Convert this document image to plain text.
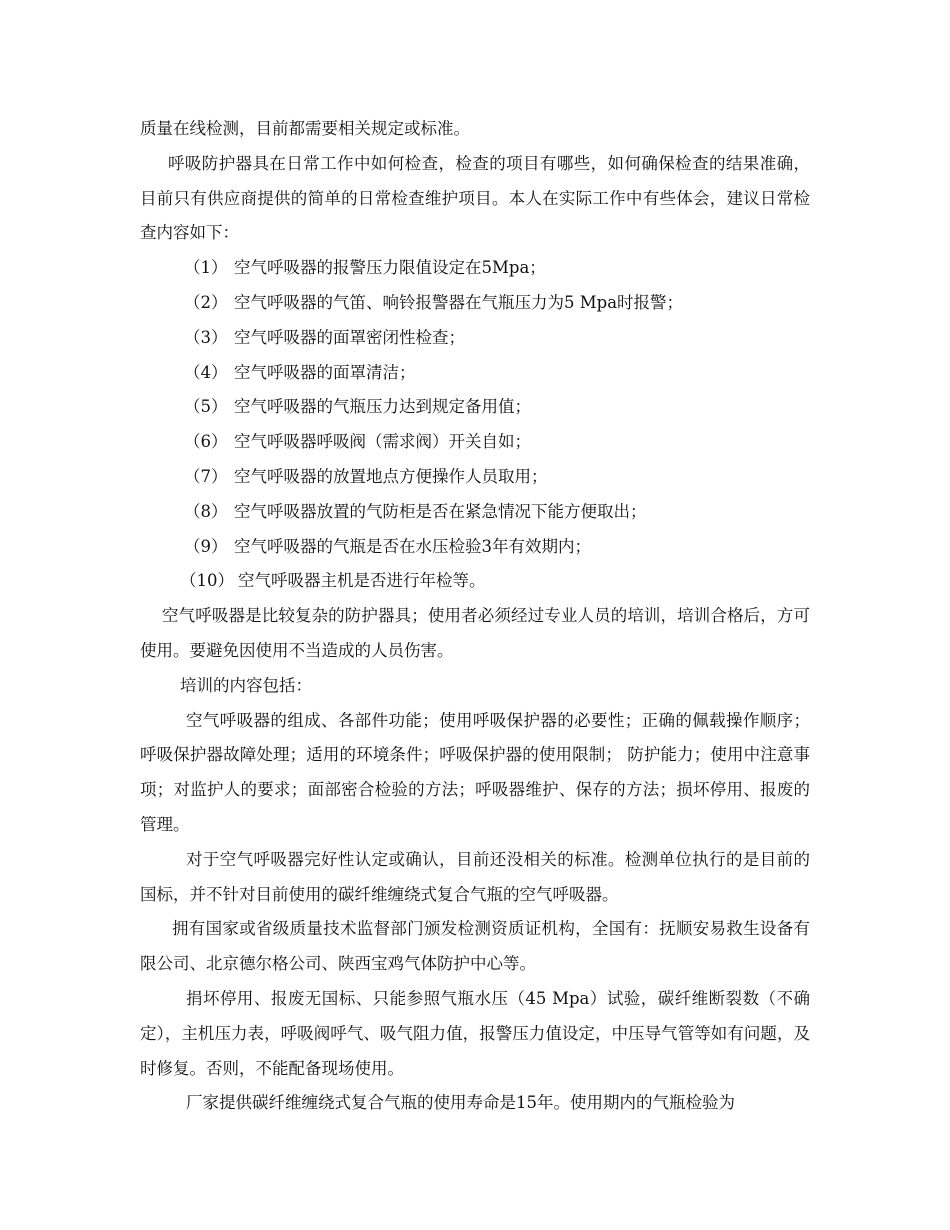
质量在线检测，目前都需要相关规定或标准。

呼吸防护器具在日常工作中如何检查，检查的项目有哪些，如何确保检查的结果准确，目前只有供应商提供的简单的日常检查维护项目。本人在实际工作中有些体会，建议日常检查内容如下：

（1） 空气呼吸器的报警压力限值设定在5Mpa；
（2） 空气呼吸器的气笛、响铃报警器在气瓶压力为5 Mpa时报警；
（3） 空气呼吸器的面罩密闭性检查；
（4） 空气呼吸器的面罩清洁；
（5） 空气呼吸器的气瓶压力达到规定备用值；
（6） 空气呼吸器呼吸阀（需求阀）开关自如；
（7） 空气呼吸器的放置地点方便操作人员取用；
（8） 空气呼吸器放置的气防柜是否在紧急情况下能方便取出；
（9） 空气呼吸器的气瓶是否在水压检验3年有效期内；
（10） 空气呼吸器主机是否进行年检等。

空气呼吸器是比较复杂的防护器具；使用者必须经过专业人员的培训，培训合格后，方可使用。要避免因使用不当造成的人员伤害。

培训的内容包括：

空气呼吸器的组成、各部件功能；使用呼吸保护器的必要性；正确的佩载操作顺序；呼吸保护器故障处理；适用的环境条件；呼吸保护器的使用限制； 防护能力；使用中注意事项；对监护人的要求；面部密合检验的方法；呼吸器维护、保存的方法；损坏停用、报废的管理。

对于空气呼吸器完好性认定或确认，目前还没相关的标准。检测单位执行的是目前的国标，并不针对目前使用的碳纤维缠绕式复合气瓶的空气呼吸器。

拥有国家或省级质量技术监督部门颁发检测资质证机构，全国有：抚顺安易救生设备有限公司、北京德尔格公司、陕西宝鸡气体防护中心等。

捐坏停用、报废无国标、只能参照气瓶水压（45 Mpa）试验，碳纤维断裂数（不确定），主机压力表，呼吸阀呼气、吸气阻力值，报警压力值设定，中压导气管等如有问题，及时修复。否则，不能配备现场使用。

厂家提供碳纤维缠绕式复合气瓶的使用寿命是15年。使用期内的气瓶检验为
